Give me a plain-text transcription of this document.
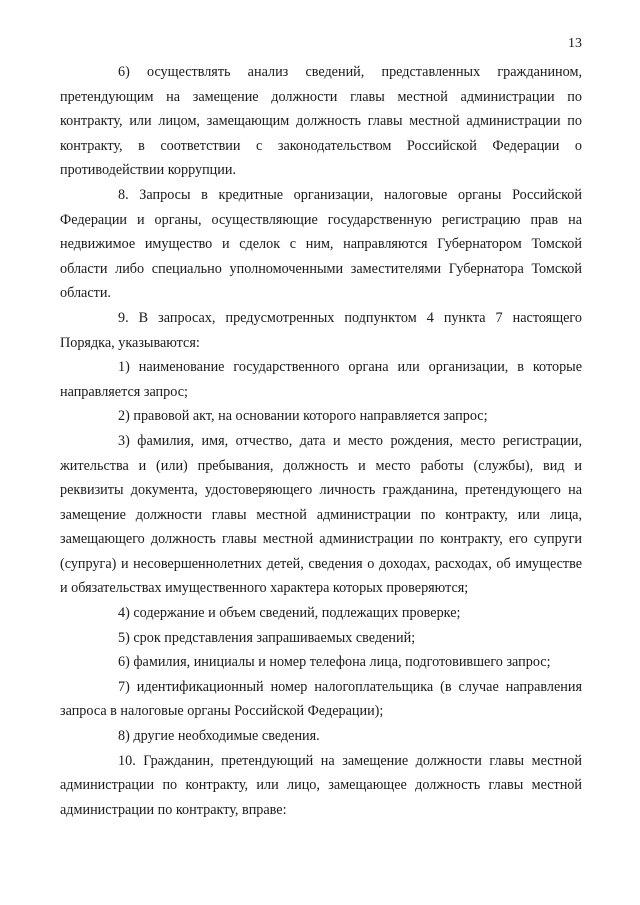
13

6) осуществлять анализ сведений, представленных гражданином, претендующим на замещение должности главы местной администрации по контракту, или лицом, замещающим должность главы местной администрации по контракту, в соответствии с законодательством Российской Федерации о противодействии коррупции.

8. Запросы в кредитные организации, налоговые органы Российской Федерации и органы, осуществляющие государственную регистрацию прав на недвижимое имущество и сделок с ним, направляются Губернатором Томской области либо специально уполномоченными заместителями Губернатора Томской области.

9. В запросах, предусмотренных подпунктом 4 пункта 7 настоящего Порядка, указываются:

1) наименование государственного органа или организации, в которые направляется запрос;

2) правовой акт, на основании которого направляется запрос;

3) фамилия, имя, отчество, дата и место рождения, место регистрации, жительства и (или) пребывания, должность и место работы (службы), вид и реквизиты документа, удостоверяющего личность гражданина, претендующего на замещение должности главы местной администрации по контракту, или лица, замещающего должность главы местной администрации по контракту, его супруги (супруга) и несовершеннолетних детей, сведения о доходах, расходах, об имуществе и обязательствах имущественного характера которых проверяются;

4) содержание и объем сведений, подлежащих проверке;

5) срок представления запрашиваемых сведений;

6) фамилия, инициалы и номер телефона лица, подготовившего запрос;

7) идентификационный номер налогоплательщика (в случае направления запроса в налоговые органы Российской Федерации);

8) другие необходимые сведения.

10. Гражданин, претендующий на замещение должности главы местной администрации по контракту, или лицо, замещающее должность главы местной администрации по контракту, вправе:
